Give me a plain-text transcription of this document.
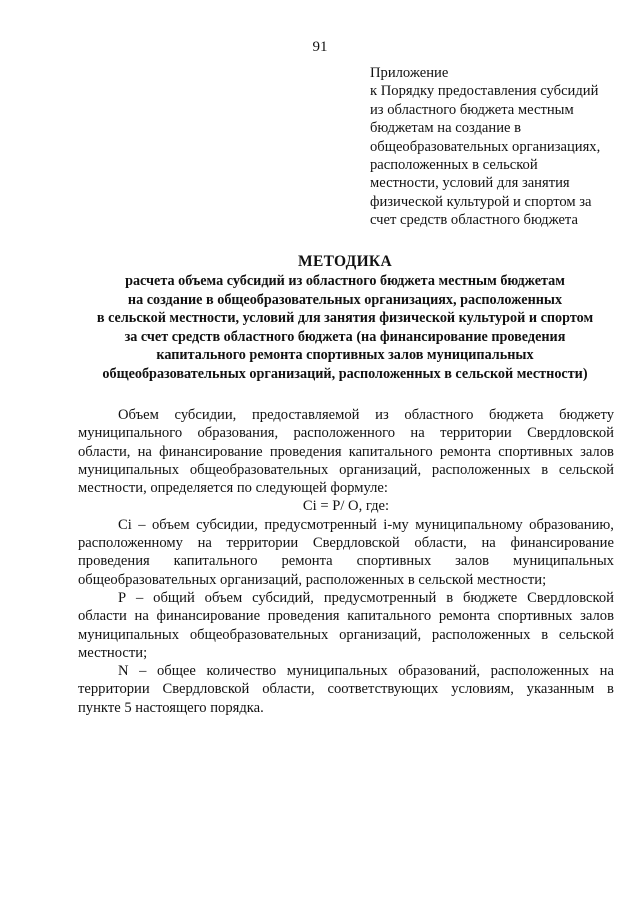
91
Приложение
к Порядку предоставления субсидий
из областного бюджета местным
бюджетам на создание в
общеобразовательных организациях,
расположенных в сельской
местности, условий для занятия
физической культурой и спортом за
счет средств областного бюджета
МЕТОДИКА
расчета объема субсидий из областного бюджета местным бюджетам
на создание в общеобразовательных организациях, расположенных
в сельской местности, условий для занятия физической культурой и спортом
за счет средств областного бюджета (на финансирование проведения
капитального ремонта спортивных залов муниципальных
общеобразовательных организаций, расположенных в сельской местности)
Объем субсидии, предоставляемой из областного бюджета бюджету
муниципального образования, расположенного на территории Свердловской
области, на финансирование проведения капитального ремонта спортивных залов
муниципальных общеобразовательных организаций, расположенных в сельской
местности, определяется по следующей формуле:
Ci = P/ O, где:
Ci – объем субсидии, предусмотренный i-му муниципальному образованию,
расположенному на территории Свердловской области, на финансирование
проведения капитального ремонта спортивных залов муниципальных
общеобразовательных организаций, расположенных в сельской местности;
P – общий объем субсидий, предусмотренный в бюджете Свердловской
области на финансирование проведения капитального ремонта спортивных залов
муниципальных общеобразовательных организаций, расположенных в сельской
местности;
N – общее количество муниципальных образований, расположенных на
территории Свердловской области, соответствующих условиям, указанным в
пункте 5 настоящего порядка.
